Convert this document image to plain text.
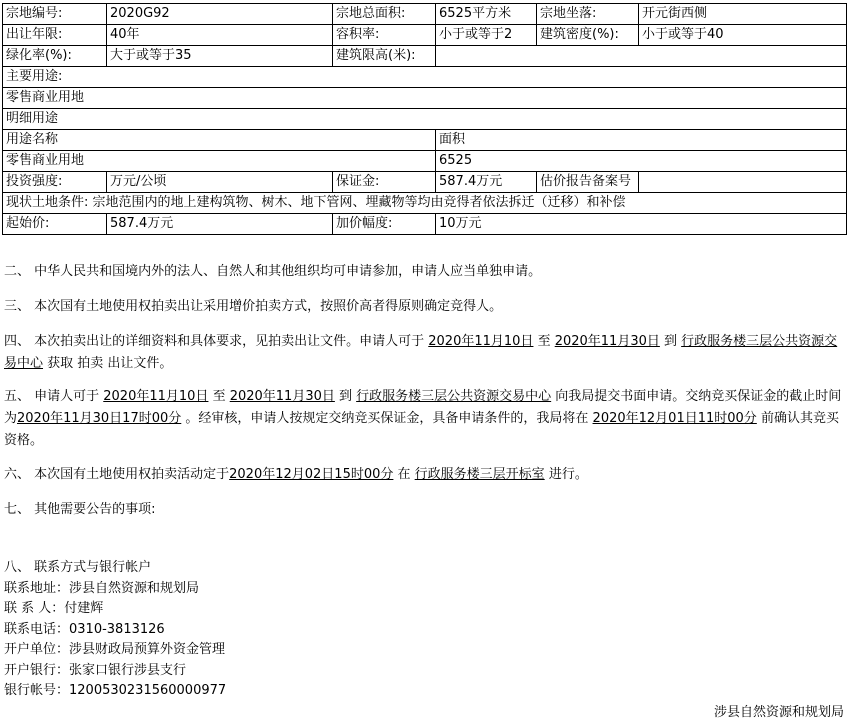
宗地编号:	2020G92	宗地总面积:	6525平方米	宗地坐落:	开元街西侧
出让年限:	40年	容积率:	小于或等于2	建筑密度(%):	小于或等于40
绿化率(%):	大于或等于35	建筑限高(米):			
主要用途:					
零售商业用地					
明细用途					
用途名称			面积		
零售商业用地			6525		
投资强度:	万元/公顷	保证金:	587.4万元	估价报告备案号	
现状土地条件: 宗地范围内的地上建构筑物、树木、地下管网、埋藏物等均由竞得者依法拆迁（迁移）和补偿					
起始价:	587.4万元	加价幅度:	10万元		
二、 中华人民共和国境内外的法人、自然人和其他组织均可申请参加，申请人应当单独申请。
三、 本次国有土地使用权拍卖出让采用增价拍卖方式，按照价高者得原则确定竞得人。
四、 本次拍卖出让的详细资料和具体要求，见拍卖出让文件。申请人可于 2020年11月10日 至 2020年11月30日 到 行政服务楼三层公共资源交易中心 获取 拍卖 出让文件。
五、 申请人可于 2020年11月10日 至 2020年11月30日 到 行政服务楼三层公共资源交易中心 向我局提交书面申请。交纳竞买保证金的截止时间为2020年11月30日17时00分 。经审核，申请人按规定交纳竞买保证金，具备申请条件的，我局将在 2020年12月01日11时00分 前确认其竞买资格。
六、 本次国有土地使用权拍卖活动定于2020年12月02日15时00分 在 行政服务楼三层开标室 进行。
七、 其他需要公告的事项:
八、 联系方式与银行帐户
联系地址：涉县自然资源和规划局
联 系 人：付建辉
联系电话：0310-3813126
开户单位：涉县财政局预算外资金管理
开户银行：张家口银行涉县支行
银行帐号：1200530231560000977
涉县自然资源和规划局
